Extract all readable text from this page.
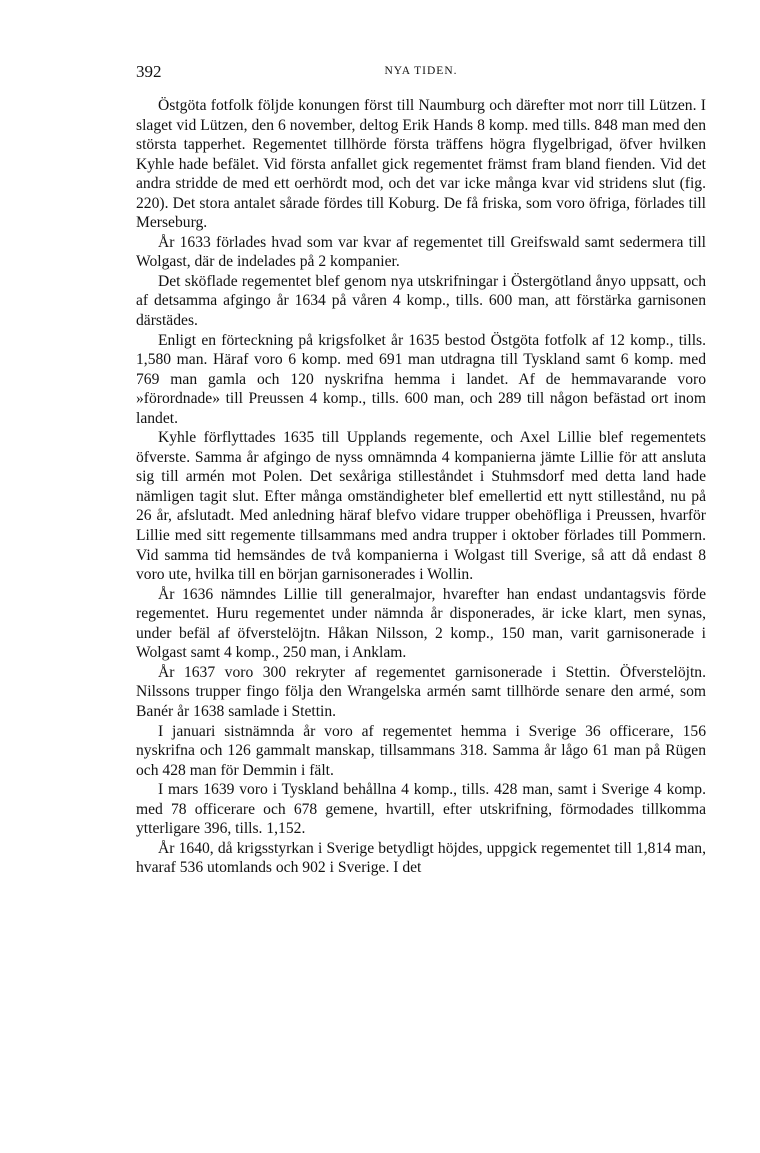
392	NYA TIDEN.

Östgöta fotfolk följde konungen först till Naumburg och därefter mot norr till Lützen. I slaget vid Lützen, den 6 november, deltog Erik Hands 8 komp. med tills. 848 man med den största tapperhet. Regementet tillhörde första träffens högra flygelbrigad, öfver hvilken Kyhle hade befälet. Vid första anfallet gick regementet främst fram bland fienden. Vid det andra stridde de med ett oerhördt mod, och det var icke många kvar vid stridens slut (fig. 220). Det stora antalet sårade fördes till Koburg. De få friska, som voro öfriga, förlades till Merseburg.

År 1633 förlades hvad som var kvar af regementet till Greifswald samt sedermera till Wolgast, där de indelades på 2 kompanier.

Det sköflade regementet blef genom nya utskrifningar i Östergötland ånyo uppsatt, och af detsamma afgingo år 1634 på våren 4 komp., tills. 600 man, att förstärka garnisonen därstädes.

Enligt en förteckning på krigsfolket år 1635 bestod Östgöta fotfolk af 12 komp., tills. 1,580 man. Häraf voro 6 komp. med 691 man utdragna till Tyskland samt 6 komp. med 769 man gamla och 120 nyskrifna hemma i landet. Af de hemmavarande voro »förordnade» till Preussen 4 komp., tills. 600 man, och 289 till någon befästad ort inom landet.

Kyhle förflyttades 1635 till Upplands regemente, och Axel Lillie blef regementets öfverste. Samma år afgingo de nyss omnämnda 4 kompanierna jämte Lillie för att ansluta sig till armén mot Polen. Det sexåriga stilleståndet i Stuhmsdorf med detta land hade nämligen tagit slut. Efter många omständigheter blef emellertid ett nytt stillestånd, nu på 26 år, afslutadt. Med anledning häraf blefvo vidare trupper obehöfliga i Preussen, hvarför Lillie med sitt regemente tillsammans med andra trupper i oktober förlades till Pommern. Vid samma tid hemsändes de två kompanierna i Wolgast till Sverige, så att då endast 8 voro ute, hvilka till en början garnisonerades i Wollin.

År 1636 nämndes Lillie till generalmajor, hvarefter han endast undantagsvis förde regementet. Huru regementet under nämnda år disponerades, är icke klart, men synas, under befäl af öfverstelöjtn. Håkan Nilsson, 2 komp., 150 man, varit garnisonerade i Wolgast samt 4 komp., 250 man, i Anklam.

År 1637 voro 300 rekryter af regementet garnisonerade i Stettin. Öfverstelöjtn. Nilssons trupper fingo följa den Wrangelska armén samt tillhörde senare den armé, som Banér år 1638 samlade i Stettin.

I januari sistnämnda år voro af regementet hemma i Sverige 36 officerare, 156 nyskrifna och 126 gammalt manskap, tillsammans 318. Samma år lågo 61 man på Rügen och 428 man för Demmin i fält.

I mars 1639 voro i Tyskland behållna 4 komp., tills. 428 man, samt i Sverige 4 komp. med 78 officerare och 678 gemene, hvartill, efter utskrifning, förmodades tillkomma ytterligare 396, tills. 1,152.

År 1640, då krigsstyrkan i Sverige betydligt höjdes, uppgick regementet till 1,814 man, hvaraf 536 utomlands och 902 i Sverige. I det
